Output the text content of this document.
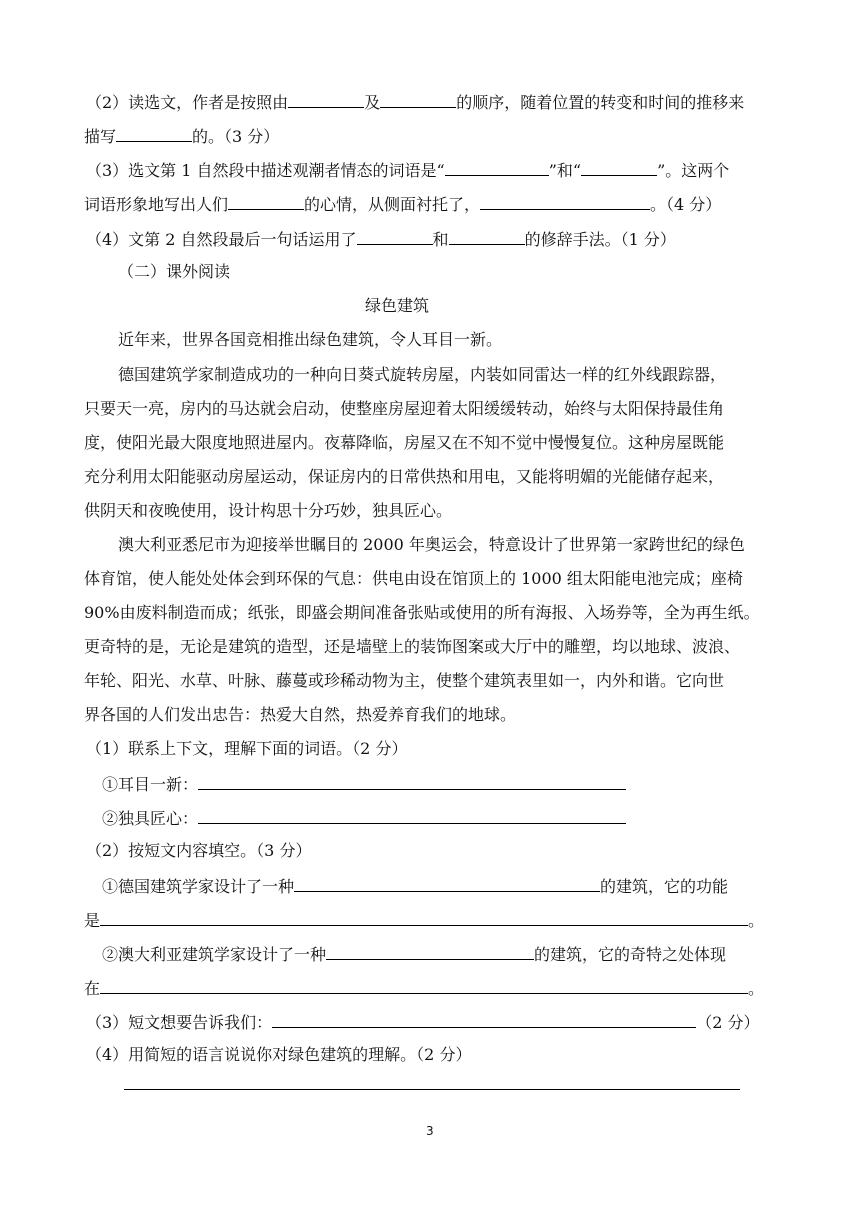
（2）读选文，作者是按照由	及	的顺序，随着位置的转变和时间的推移来
描写	的。（3 分）
（3）选文第 1 自然段中描述观潮者情态的词语是“	”和“	”。这两个
词语形象地写出人们	的心情，从侧面衬托了，	。（4 分）
（4）文第 2 自然段最后一句话运用了	和	的修辞手法。（1 分）
（二）课外阅读
绿色建筑
近年来，世界各国竞相推出绿色建筑，令人耳目一新。
德国建筑学家制造成功的一种向日葵式旋转房屋，内装如同雷达一样的红外线跟踪器，
只要天一亮，房内的马达就会启动，使整座房屋迎着太阳缓缓转动，始终与太阳保持最佳角
度，使阳光最大限度地照进屋内。夜幕降临，房屋又在不知不觉中慢慢复位。这种房屋既能
充分利用太阳能驱动房屋运动，保证房内的日常供热和用电，又能将明媚的光能储存起来，
供阴天和夜晚使用，设计构思十分巧妙，独具匠心。
澳大利亚悉尼市为迎接举世瞩目的 2000 年奥运会，特意设计了世界第一家跨世纪的绿色
体育馆，使人能处处体会到环保的气息：供电由设在馆顶上的 1000 组太阳能电池完成；座椅
90%由废料制造而成；纸张，即盛会期间准备张贴或使用的所有海报、入场券等，全为再生纸。
更奇特的是，无论是建筑的造型，还是墙壁上的装饰图案或大厅中的雕塑，均以地球、波浪、
年轮、阳光、水草、叶脉、藤蔓或珍稀动物为主，使整个建筑表里如一，内外和谐。它向世
界各国的人们发出忠告：热爱大自然，热爱养育我们的地球。
（1）联系上下文，理解下面的词语。（2 分）
①耳目一新：
②独具匠心：
（2）按短文内容填空。（3 分）
①德国建筑学家设计了一种	的建筑，它的功能
是	。
②澳大利亚建筑学家设计了一种	的建筑，它的奇特之处体现
在	。
（3）短文想要告诉我们：	（2 分）
（4）用简短的语言说说你对绿色建筑的理解。（2 分）
3
